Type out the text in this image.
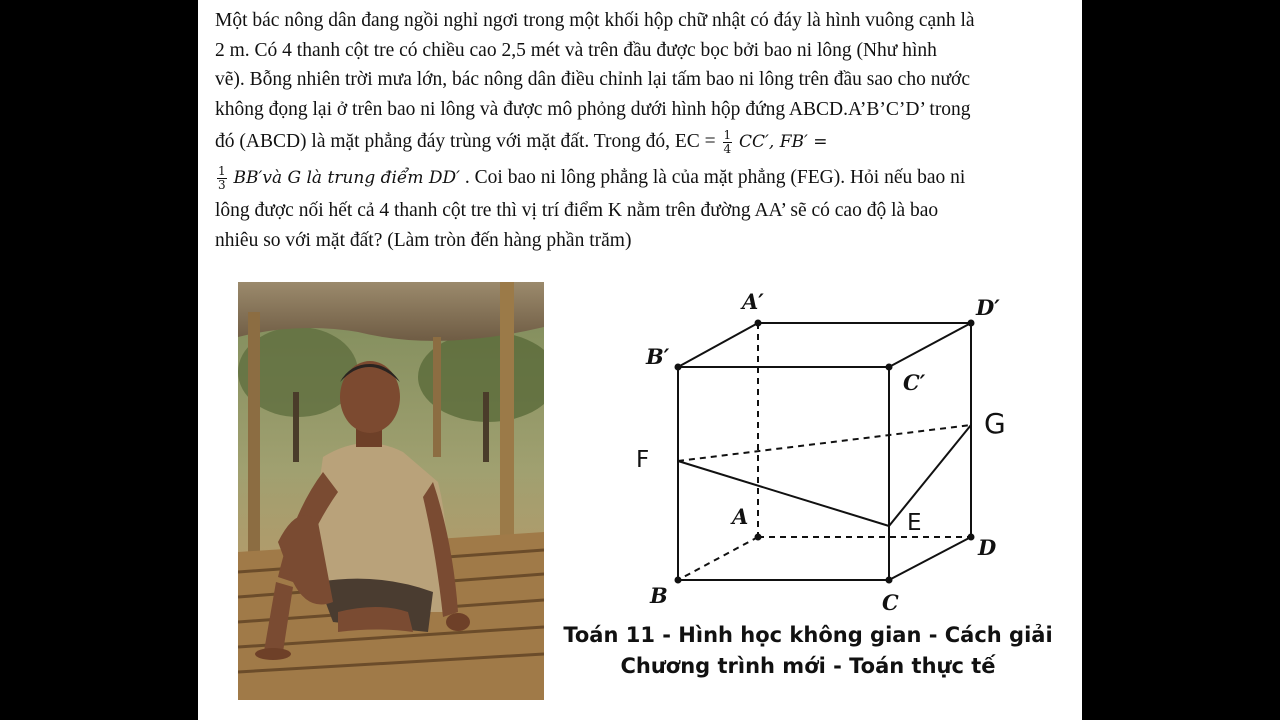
Một bác nông dân đang ngồi nghỉ ngơi trong một khối hộp chữ nhật có đáy là hình vuông cạnh là
2 m. Có 4 thanh cột tre có chiều cao 2,5 mét và trên đầu được bọc bởi bao ni lông (Như hình
vẽ). Bỗng nhiên trời mưa lớn, bác nông dân điều chỉnh lại tấm bao ni lông trên đầu sao cho nước
không đọng lại ở trên bao ni lông và được mô phỏng dưới hình hộp đứng ABCD.A’B’C’D’ trong
đó (ABCD) là mặt phẳng đáy trùng với mặt đất. Trong đó, EC = $\frac{1}{4} CC'$, FB′ =
$\frac{1}{3}$ BB′và G là trung điểm DD′ . Coi bao ni lông phẳng là của mặt phẳng (FEG). Hỏi nếu bao ni
lông được nối hết cả 4 thanh cột tre thì vị trí điểm K nằm trên đường AA’ sẽ có cao độ là bao
nhiêu so với mặt đất? (Làm tròn đến hàng phần trăm)
A′
B′
C′
D′
A
B	C
D
E
F
G
Toán 11 - Hình học không gian - Cách giải
Chương trình mới - Toán thực tế
